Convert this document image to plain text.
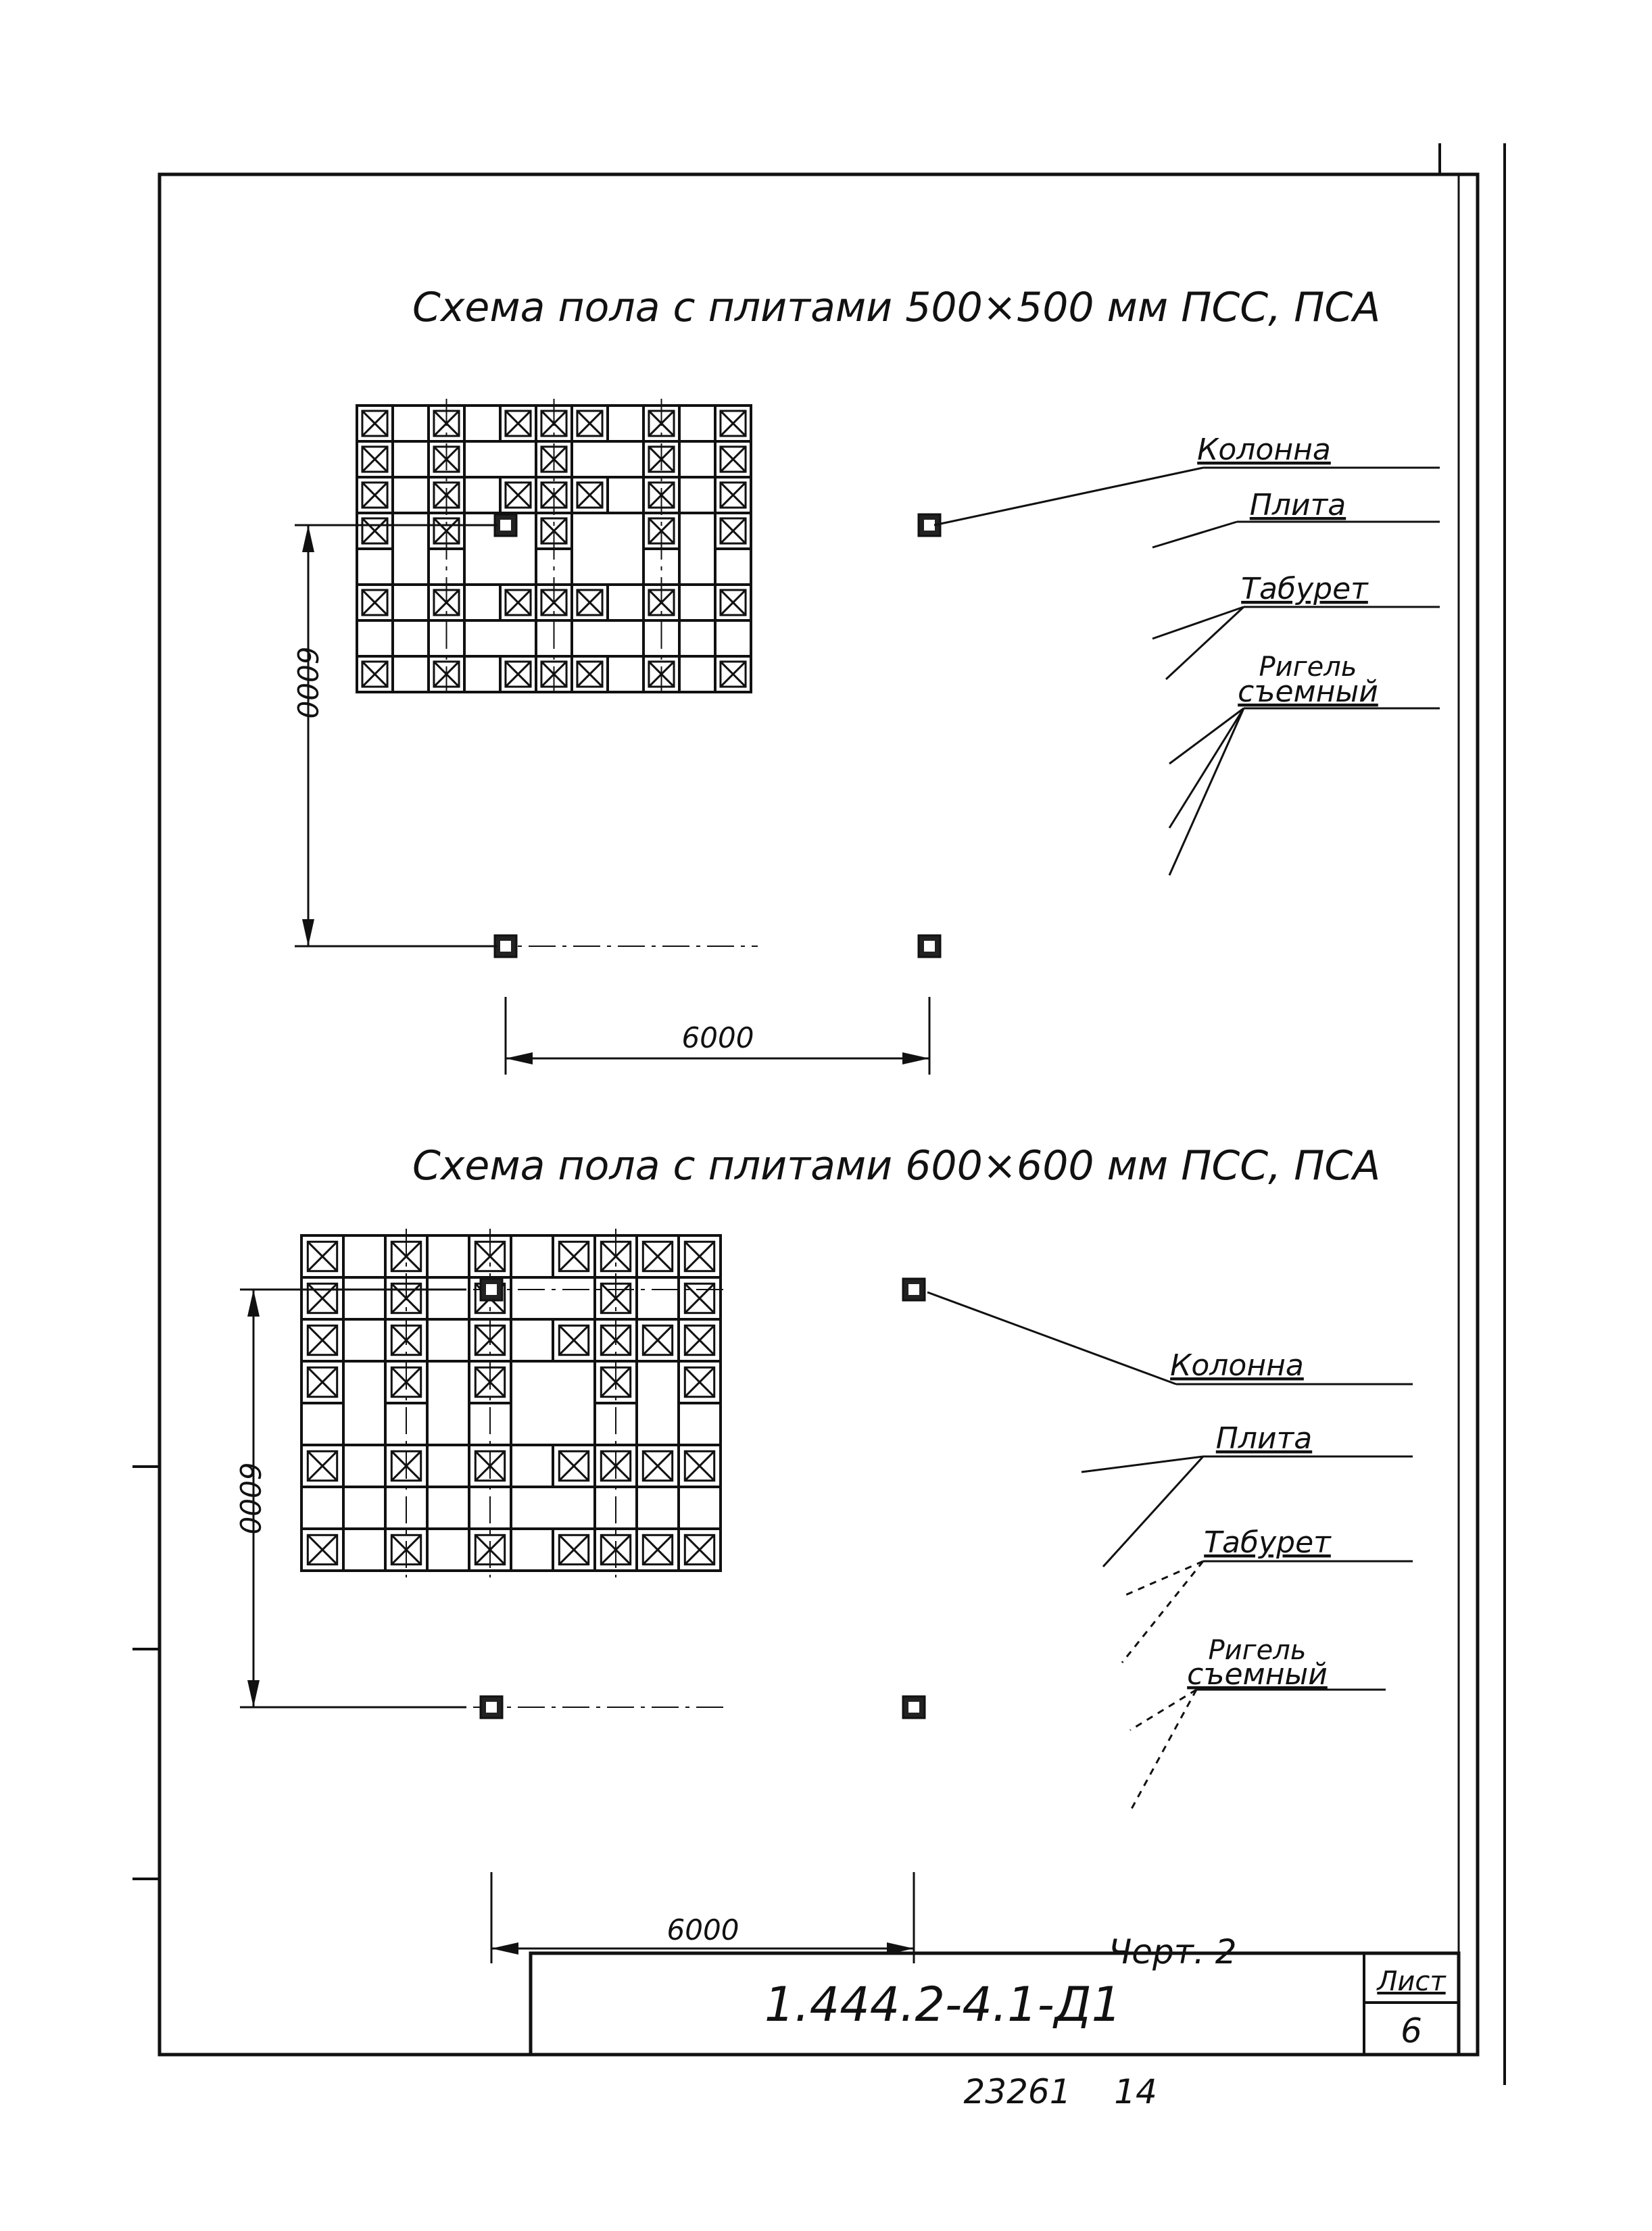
Схема пола с плитами 500×500 мм ПСС, ПСА
Колонна
Плита
Табурет
Ригель
съемный
6000
6000
Схема пола с плитами 600×600 мм ПСС, ПСА
Колонна
Плита
Табурет
Ригель
съемный
6000
6000
Черт. 2
1.444.2-4.1-Д1	Лист
6
23261 14
